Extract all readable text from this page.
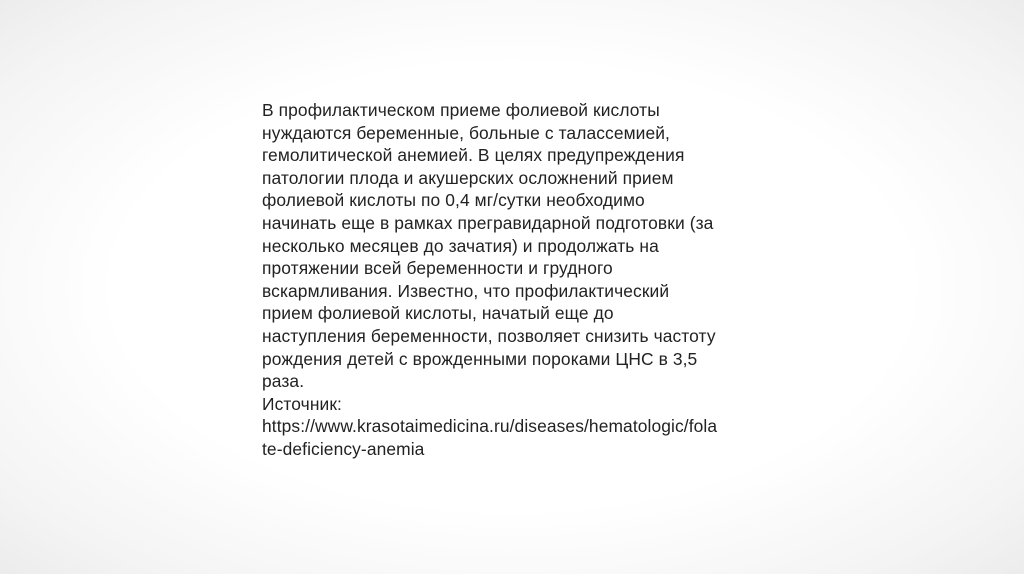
В профилактическом приеме фолиевой кислоты
нуждаются беременные, больные с талассемией,
гемолитической анемией. В целях предупреждения
патологии плода и акушерских осложнений прием
фолиевой кислоты по 0,4 мг/сутки необходимо
начинать еще в рамках прегравидарной подготовки (за
несколько месяцев до зачатия) и продолжать на
протяжении всей беременности и грудного
вскармливания. Известно, что профилактический
прием фолиевой кислоты, начатый еще до
наступления беременности, позволяет снизить частоту
рождения детей с врожденными пороками ЦНС в 3,5
раза.

Источник:

https://www.krasotaimedicina.ru/diseases/hematologic/fola
te-deficiency-anemia
